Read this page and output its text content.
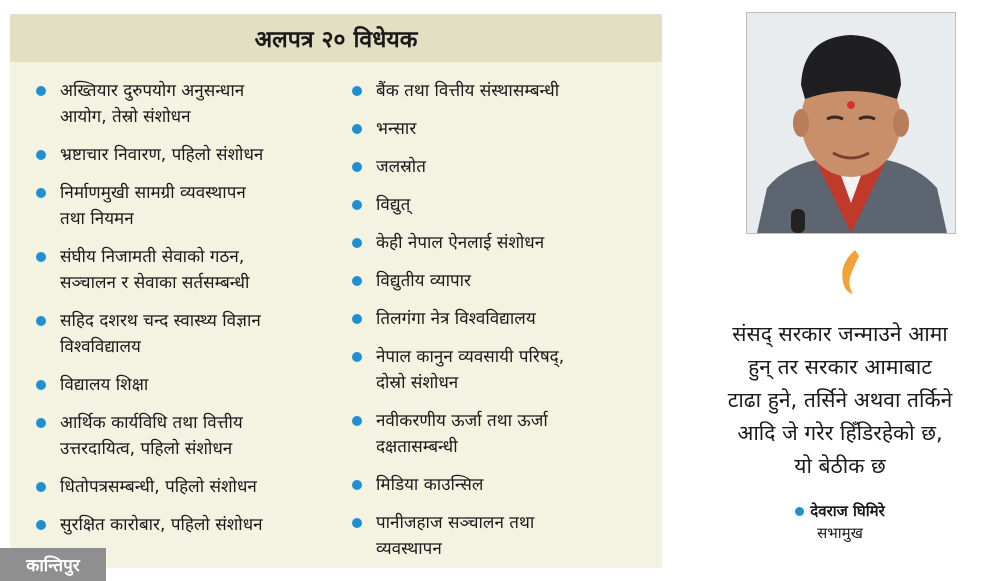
अलपत्र २० विधेयक
अख्तियार दुरुपयोग अनुसन्धान
आयोग, तेस्रो संशोधन
भ्रष्टाचार निवारण, पहिलो संशोधन
निर्माणमुखी सामग्री व्यवस्थापन
तथा नियमन
संघीय निजामती सेवाको गठन,
सञ्चालन र सेवाका सर्तसम्बन्धी
सहिद दशरथ चन्द स्वास्थ्य विज्ञान
विश्वविद्यालय
विद्यालय शिक्षा
आर्थिक कार्यविधि तथा वित्तीय
उत्तरदायित्व, पहिलो संशोधन
धितोपत्रसम्बन्धी, पहिलो संशोधन
सुरक्षित कारोबार, पहिलो संशोधन
बैंक तथा वित्तीय संस्थासम्बन्धी
भन्सार
जलस्रोत
विद्युत्
केही नेपाल ऐनलाई संशोधन
विद्युतीय व्यापार
तिलगंगा नेत्र विश्वविद्यालय
नेपाल कानुन व्यवसायी परिषद्,
दोस्रो संशोधन
नवीकरणीय ऊर्जा तथा ऊर्जा
दक्षतासम्बन्धी
मिडिया काउन्सिल
पानीजहाज सञ्चालन तथा
व्यवस्थापन
संसद् सरकार जन्माउने आमा
हुन् तर सरकार आमाबाट
टाढा हुने, तर्सिने अथवा तर्किने
आदि जे गरेर हिँडिरहेको छ,
यो बेठीक छ
देवराज घिमिरे
सभामुख
कान्तिपुर
